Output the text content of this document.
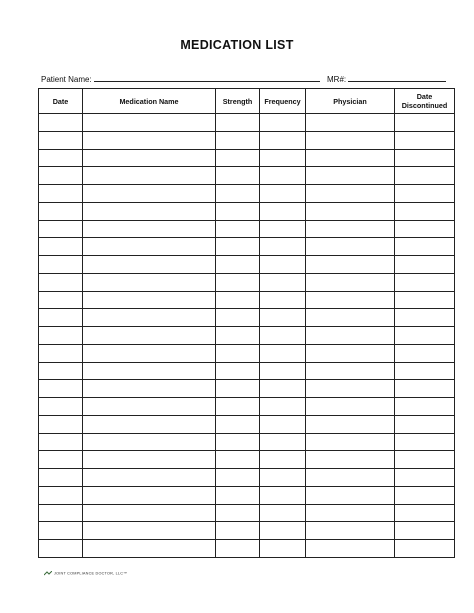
MEDICATION LIST
Patient Name:	MR#:
Date	Medication Name	Strength	Frequency	Physician	Date Discontinued

JOINT COMPLIANCE DOCTOR, LLC™
